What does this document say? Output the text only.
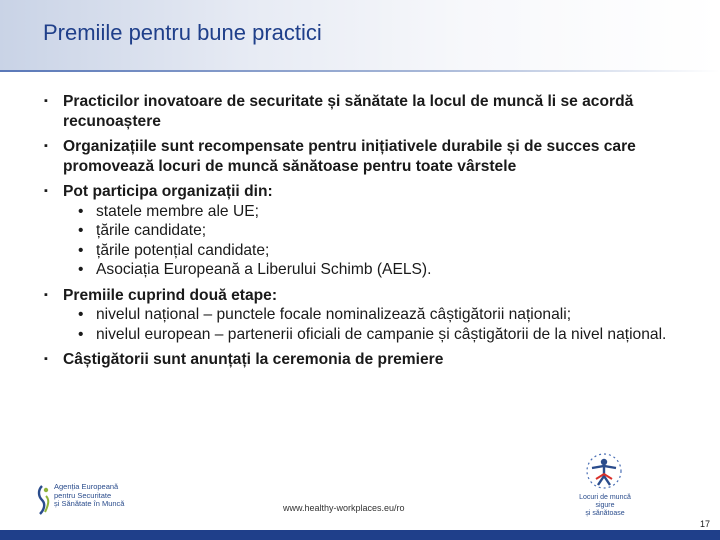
Premiile pentru bune practici
▪ Practicilor inovatoare de securitate și sănătate la locul de muncă li se acordă recunoaștere
▪ Organizațiile sunt recompensate pentru inițiativele durabile și de succes care promovează locuri de muncă sănătoase pentru toate vârstele
▪ Pot participa organizații din:
• statele membre ale UE;
• țările candidate;
• țările potențial candidate;
• Asociația Europeană a Liberului Schimb (AELS).
▪ Premiile cuprind două etape:
• nivelul național – punctele focale nominalizează câștigătorii naționali;
• nivelul european – partenerii oficiali de campanie și câștigătorii de la nivel național.
▪ Câștigătorii sunt anunțați la ceremonia de premiere
Agenția Europeană
pentru Securitate
și Sănătate în Muncă	www.healthy-workplaces.eu/ro
Locuri de muncă sigure
și sănătoase
17
